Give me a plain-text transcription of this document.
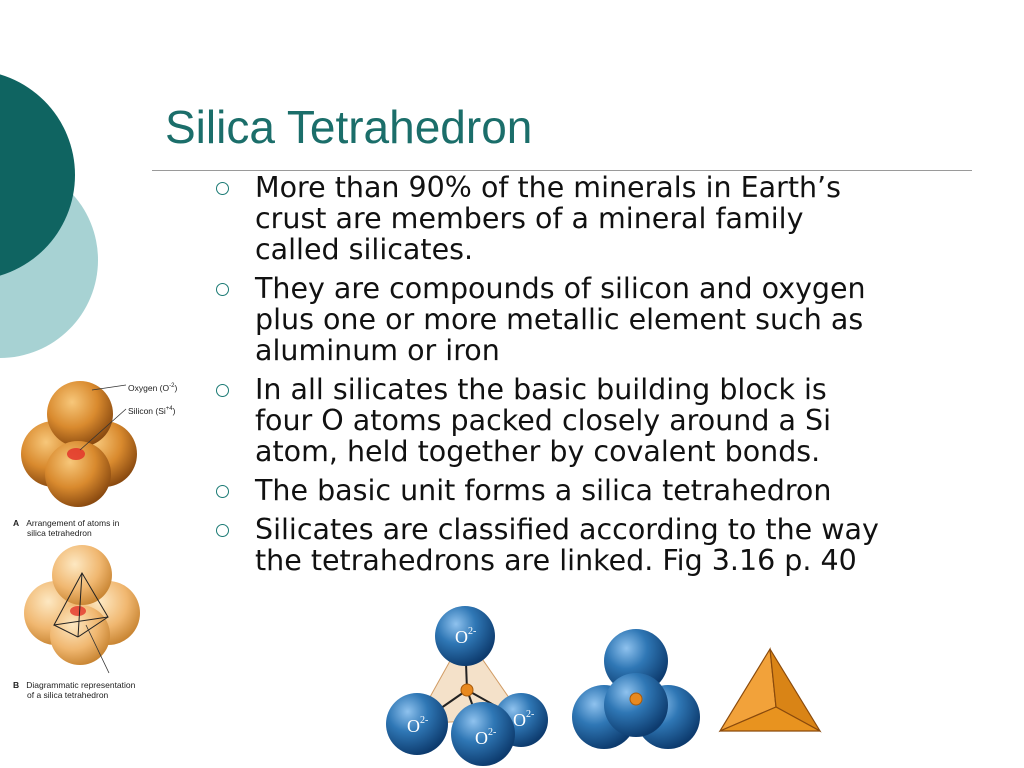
Silica Tetrahedron
More than 90% of the minerals in Earth’s
crust are members of a mineral family
called silicates.
They are compounds of silicon and oxygen
plus one or more metallic element such as
aluminum or iron
In all silicates the basic building block is
four O atoms packed closely around a Si
atom, held together by covalent bonds.
The basic unit forms a silica tetrahedron
Silicates are classified according to the way
the tetrahedrons are linked. Fig 3.16 p. 40
Oxygen $(O^{-2})$
Silicon $(Si^{+4})$
A Arrangement of atoms in
silica tetrahedron
B Diagrammatic representation
of a silica tetrahedron
$O^{2-}$
$O^{2-}$	$O^{2-}$
$O^{2-}$
